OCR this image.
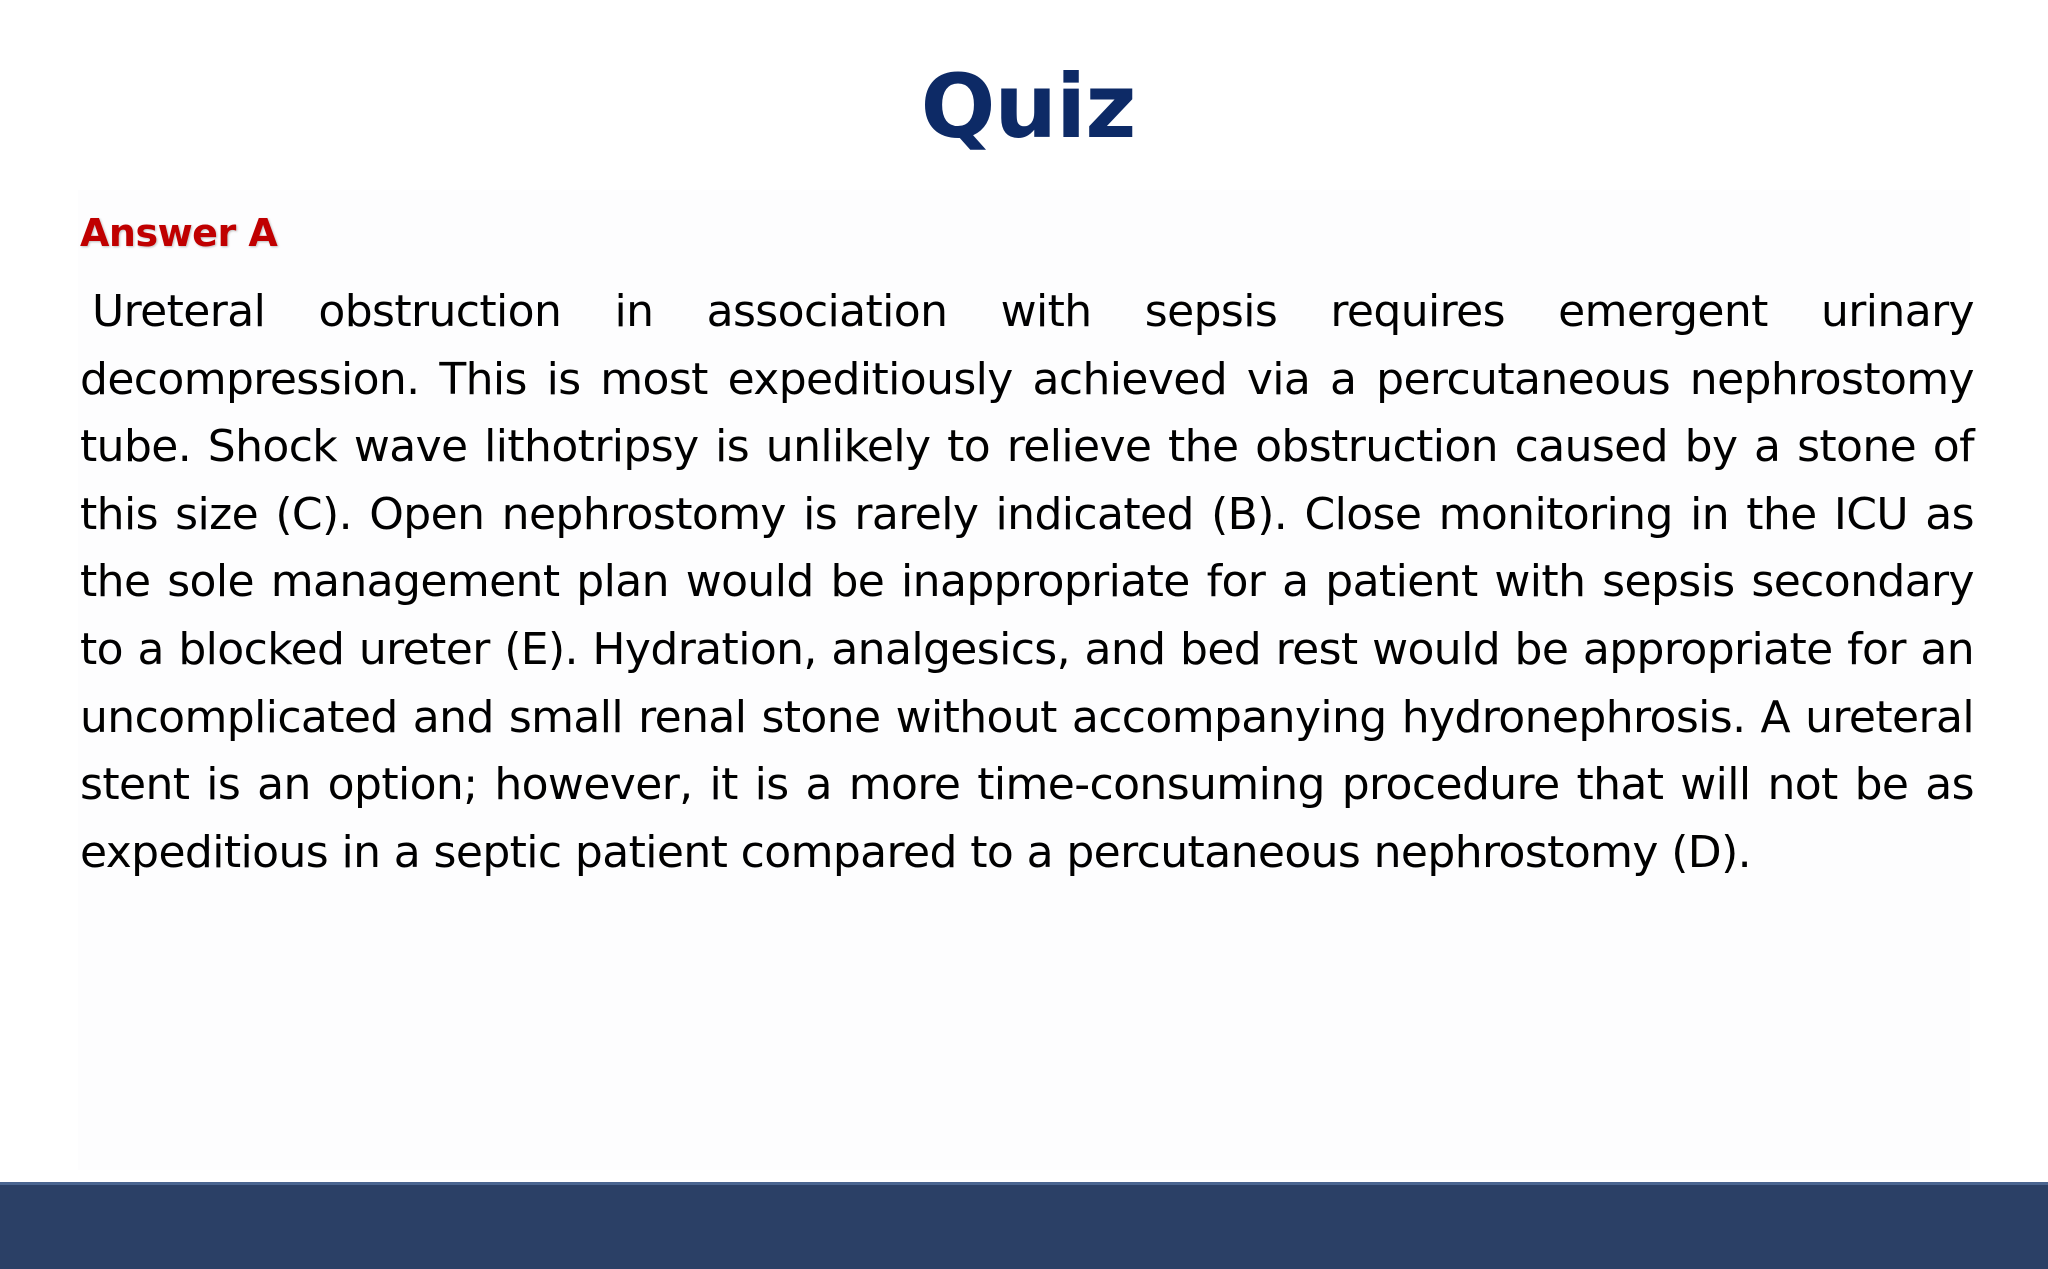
Quiz
Answer A

Ureteral obstruction in association with sepsis requires emergent urinary decompression. This is most expeditiously achieved via a percutaneous nephrostomy tube. Shock wave lithotripsy is unlikely to relieve the obstruction caused by a stone of this size (C). Open nephrostomy is rarely indicated (B). Close monitoring in the ICU as the sole management plan would be inappropriate for a patient with sepsis secondary to a blocked ureter (E). Hydration, analgesics, and bed rest would be appropriate for an uncomplicated and small renal stone without accompanying hydronephrosis. A ureteral stent is an option; however, it is a more time-consuming procedure that will not be as expeditious in a septic patient compared to a percutaneous nephrostomy (D).
